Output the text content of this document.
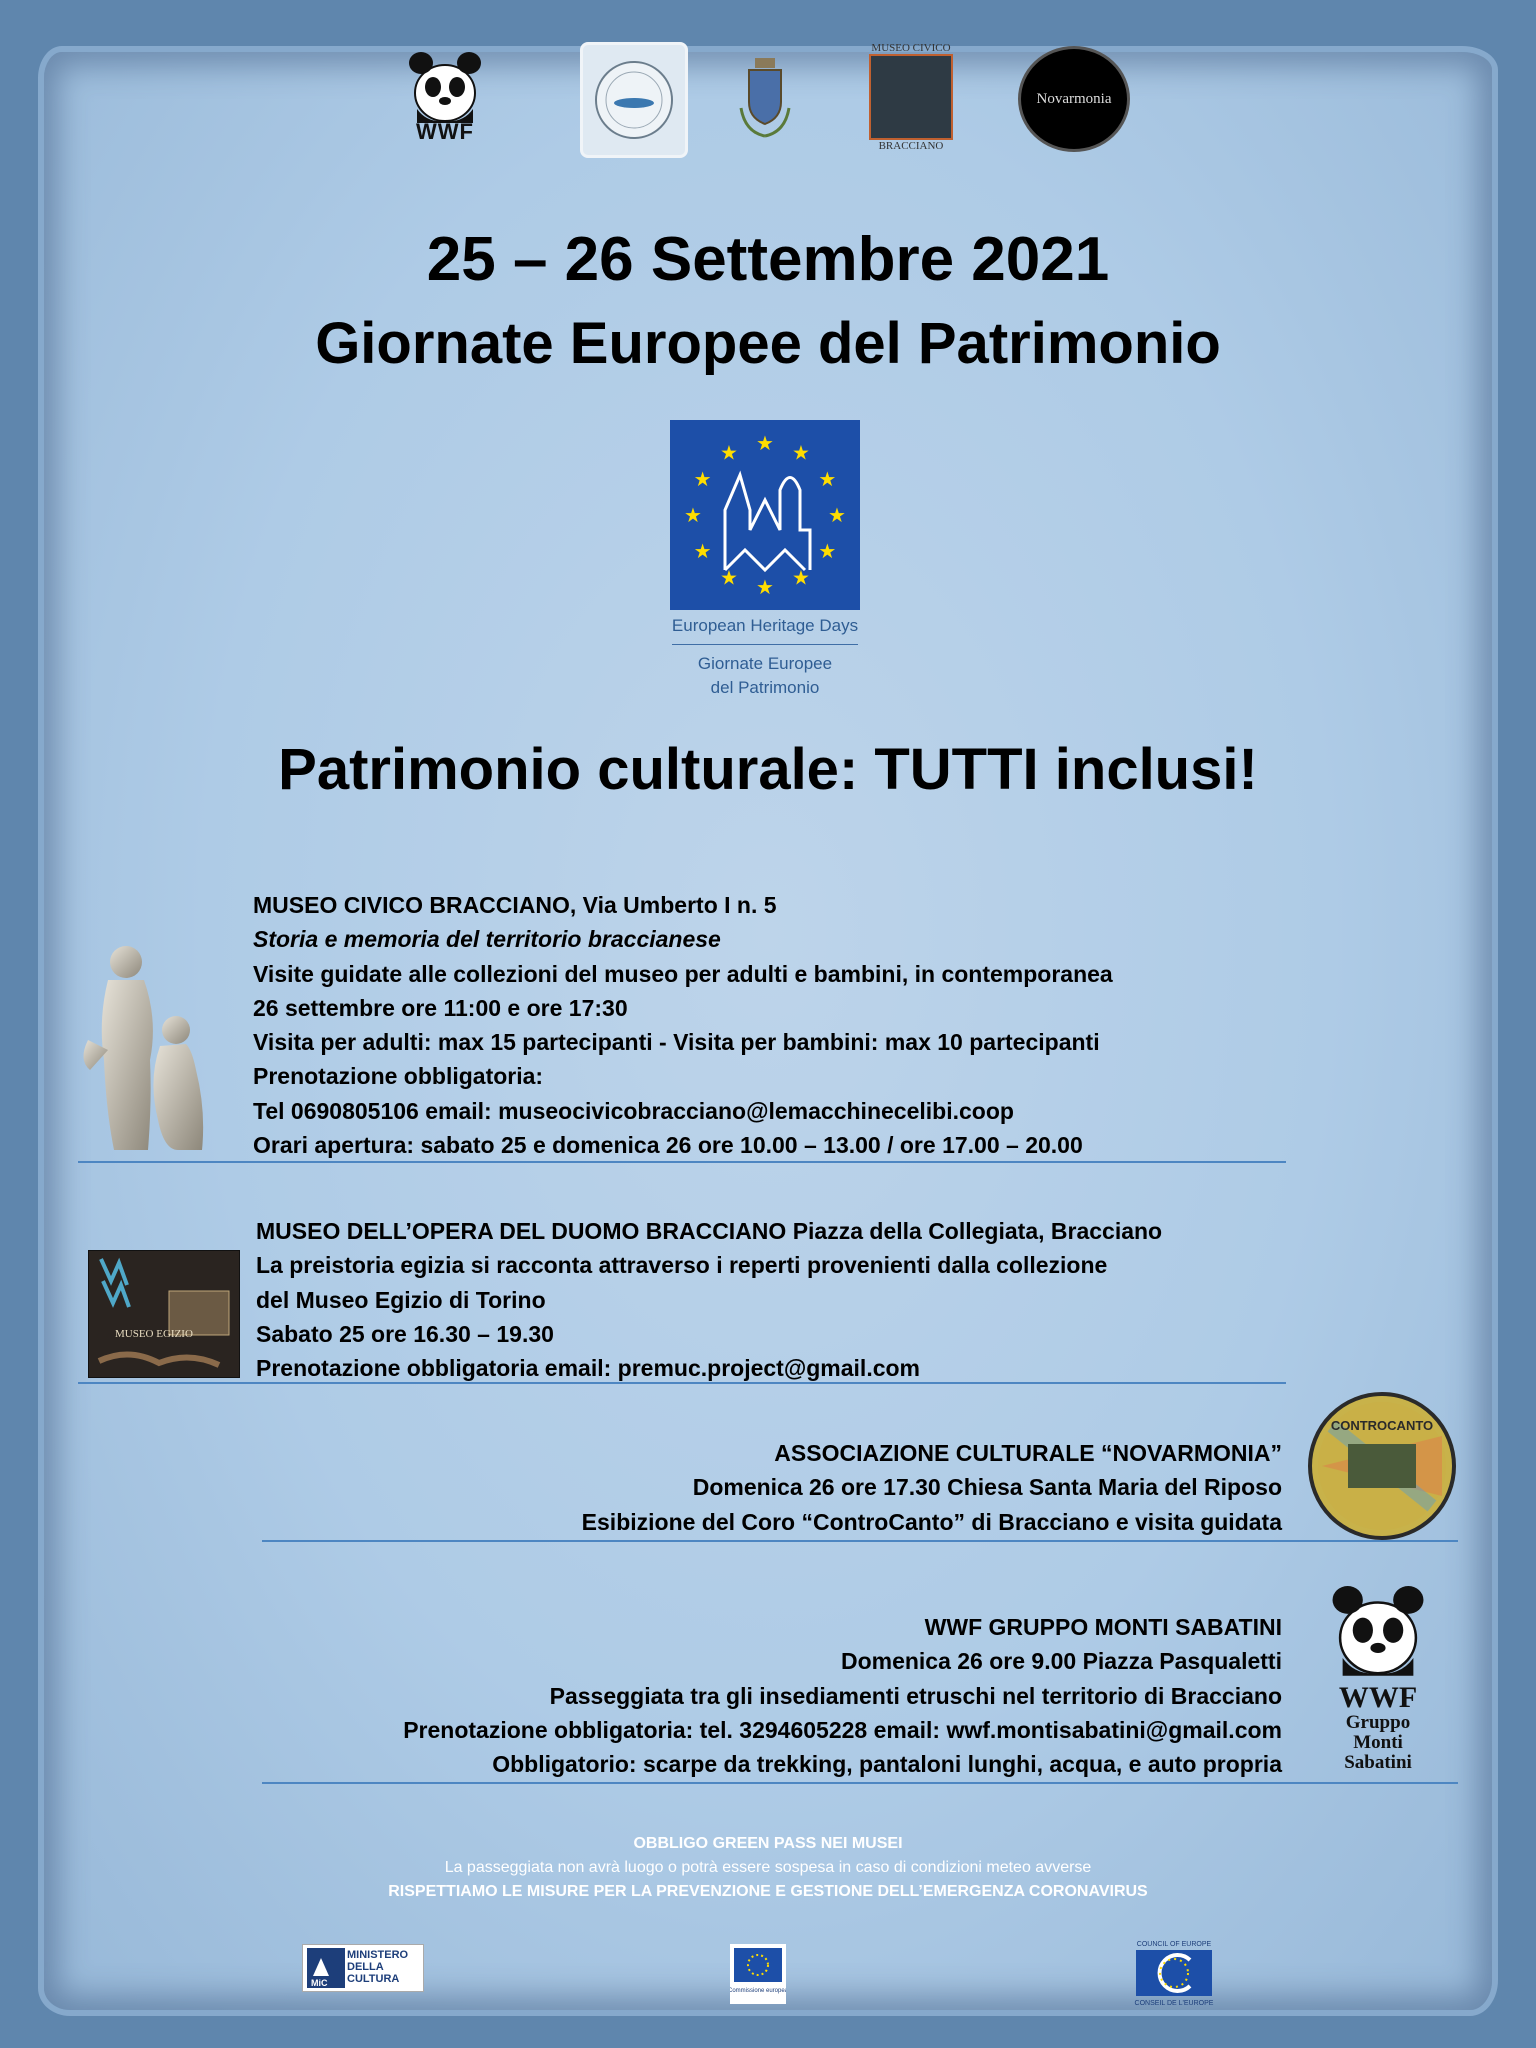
WWF
MUSEO CIVICO
BRACCIANO
Novarmonia
25 – 26 Settembre 2021
Giornate Europee del Patrimonio
★ ★
★
★
★
★
★
★
★
★
★
★
European Heritage Days
Giornate Europee
del Patrimonio
Patrimonio culturale: TUTTI inclusi!
MUSEO CIVICO BRACCIANO, Via Umberto I n. 5
Storia e memoria del territorio braccianese
Visite guidate alle collezioni del museo per adulti e bambini, in contemporanea
26 settembre ore 11:00 e ore 17:30
Visita per adulti: max 15 partecipanti - Visita per bambini: max 10 partecipanti
Prenotazione obbligatoria:
Tel 0690805106 email: museocivicobracciano@lemacchinecelibi.coop
Orari apertura: sabato 25 e domenica 26 ore 10.00 – 13.00 / ore 17.00 – 20.00
MUSEO EGIZIO
MUSEO DELL’OPERA DEL DUOMO BRACCIANO Piazza della Collegiata, Bracciano
La preistoria egizia si racconta attraverso i reperti provenienti dalla collezione
del Museo Egizio di Torino
Sabato 25 ore 16.30 – 19.30
Prenotazione obbligatoria email: premuc.project@gmail.com
ASSOCIAZIONE CULTURALE “NOVARMONIA”
Domenica 26 ore 17.30 Chiesa Santa Maria del Riposo
Esibizione del Coro “ControCanto” di Bracciano e visita guidata
CONTROCANTO
WWF GRUPPO MONTI SABATINI
Domenica 26 ore 9.00 Piazza Pasqualetti
Passeggiata tra gli insediamenti etruschi nel territorio di Bracciano
Prenotazione obbligatoria: tel. 3294605228 email: wwf.montisabatini@gmail.com
Obbligatorio: scarpe da trekking, pantaloni lunghi, acqua, e auto propria
WWF
Gruppo
Monti
Sabatini
OBBLIGO GREEN PASS NEI MUSEI
La passeggiata non avrà luogo o potrà essere sospesa in caso di condizioni meteo avverse
RISPETTIAMO LE MISURE PER LA PREVENZIONE E GESTIONE DELL’EMERGENZA CORONAVIRUS
MiC
MINISTERO
DELLA
CULTURA
Commissione europea
COUNCIL OF EUROPE
CONSEIL DE L'EUROPE
